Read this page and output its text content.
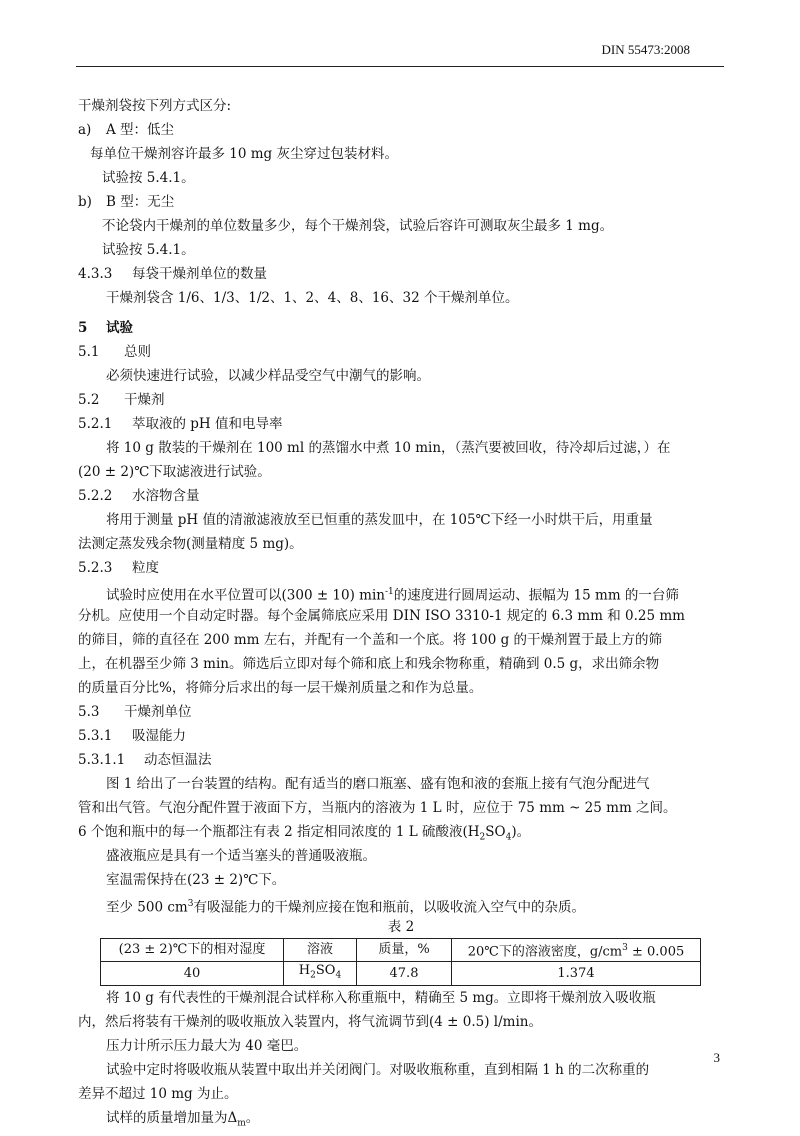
DIN 55473:2008
干燥剂袋按下列方式区分:
a) A 型：低尘
每单位干燥剂容许最多 10 mg 灰尘穿过包装材料。
试验按 5.4.1。
b) B 型：无尘
不论袋内干燥剂的单位数量多少，每个干燥剂袋，试验后容许可测取灰尘最多 1 mg。
试验按 5.4.1。
4.3.3 每袋干燥剂单位的数量
干燥剂袋含 1/6、1/3、1/2、1、2、4、8、16、32 个干燥剂单位。
5 试验
5.1 总则
必须快速进行试验，以减少样品受空气中潮气的影响。
5.2 干燥剂
5.2.1 萃取液的 pH 值和电导率
将 10 g 散装的干燥剂在 100 ml 的蒸馏水中煮 10 min，（蒸汽要被回收，待冷却后过滤，）在
(20 ± 2)℃下取滤液进行试验。
5.2.2 水溶物含量
将用于测量 pH 值的清澈滤液放至已恒重的蒸发皿中，在 105℃下经一小时烘干后，用重量
法测定蒸发残余物(测量精度 5 mg)。
5.2.3 粒度
试验时应使用在水平位置可以(300 ± 10) $\min^{-1}$的速度进行圆周运动、振幅为 15 mm 的一台筛
分机。应使用一个自动定时器。每个金属筛底应采用 DIN ISO 3310-1 规定的 6.3 mm 和 0.25 mm
的筛目，筛的直径在 200 mm 左右，并配有一个盖和一个底。将 100 g 的干燥剂置于最上方的筛
上，在机器至少筛 3 min。筛选后立即对每个筛和底上和残余物称重，精确到 0.5 g，求出筛余物
的质量百分比%，将筛分后求出的每一层干燥剂质量之和作为总量。
5.3 干燥剂单位
5.3.1 吸湿能力
5.3.1.1 动态恒温法
图 1 给出了一台装置的结构。配有适当的磨口瓶塞、盛有饱和液的套瓶上接有气泡分配进气
管和出气管。气泡分配件置于液面下方，当瓶内的溶液为 1 L 时，应位于 75 mm ~ 25 mm 之间。
6 个饱和瓶中的每一个瓶都注有表 2 指定相同浓度的 1 L 硫酸液$(H_2SO_4)$。
盛液瓶应是具有一个适当塞头的普通吸液瓶。
室温需保持在(23 ± 2)℃下。
至少 500 $cm^3$有吸湿能力的干燥剂应接在饱和瓶前，以吸收流入空气中的杂质。
表 2
(23 ± 2)℃下的相对湿度	溶液	质量，%	20℃下的溶液密度，$g/cm^3 \pm 0.005$
40	$H_2SO_4$	47.8	1.374
将 10 g 有代表性的干燥剂混合试样称入称重瓶中，精确至 5 mg。立即将干燥剂放入吸收瓶
内，然后将装有干燥剂的吸收瓶放入装置内，将气流调节到(4 ± 0.5) l/min。
压力计所示压力最大为 40 毫巴。
试验中定时将吸收瓶从装置中取出并关闭阀门。对吸收瓶称重，直到相隔 1 h 的二次称重的
差异不超过 10 mg 为止。
试样的质量增加量为$\Delta_m$。
3
